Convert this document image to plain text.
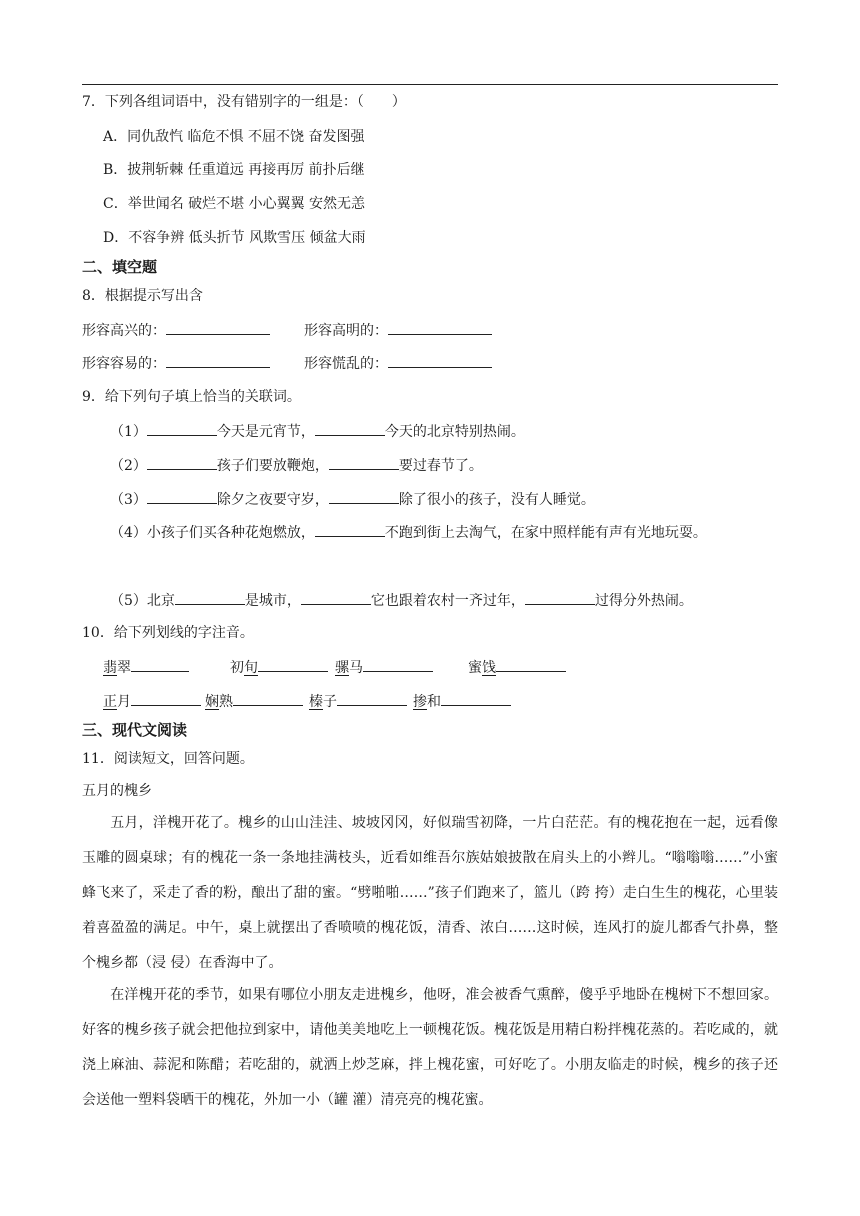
7．下列各组词语中，没有错别字的一组是：（　　）
A．同仇敌忾 临危不惧 不屈不饶 奋发图强
B．披荆斩棘 任重道远 再接再厉 前扑后继
C．举世闻名 破烂不堪 小心翼翼 安然无恙
D．不容争辨 低头折节 风欺雪压 倾盆大雨
二、填空题
8．根据提示写出含
形容高兴的：	形容高明的：
形容容易的：	形容慌乱的：
9．给下列句子填上恰当的关联词。
（1）	今天是元宵节，	今天的北京特别热闹。
（2）	孩子们要放鞭炮，	要过春节了。
（3）	除夕之夜要守岁，	除了很小的孩子，没有人睡觉。
（4）小孩子们买各种花炮燃放，	不跑到街上去淘气，在家中照样能有声有光地玩耍。
（5）北京	是城市，	它也跟着农村一齐过年，	过得分外热闹。
10．给下列划线的字注音。
翡翠	初旬	骡马	蜜饯
正月	娴熟	榛子	掺和
三、现代文阅读
11．阅读短文，回答问题。
五月的槐乡
五月，洋槐开花了。槐乡的山山洼洼、坡坡冈冈，好似瑞雪初降，一片白茫茫。有的槐花抱在一起，远看像玉雕的圆桌球；有的槐花一条一条地挂满枝头，近看如维吾尔族姑娘披散在肩头上的小辫儿。“嗡嗡嗡……”小蜜蜂飞来了，采走了香的粉，酿出了甜的蜜。“劈啪啪……”孩子们跑来了，篮儿（跨 挎）走白生生的槐花，心里装着喜盈盈的满足。中午，桌上就摆出了香喷喷的槐花饭，清香、浓白……这时候，连风打的旋儿都香气扑鼻，整个槐乡都（浸 侵）在香海中了。
在洋槐开花的季节，如果有哪位小朋友走进槐乡，他呀，准会被香气熏醉，傻乎乎地卧在槐树下不想回家。好客的槐乡孩子就会把他拉到家中，请他美美地吃上一顿槐花饭。槐花饭是用精白粉拌槐花蒸的。若吃咸的，就浇上麻油、蒜泥和陈醋；若吃甜的，就洒上炒芝麻，拌上槐花蜜，可好吃了。小朋友临走的时候，槐乡的孩子还会送他一塑料袋晒干的槐花，外加一小（罐 灌）清亮亮的槐花蜜。
